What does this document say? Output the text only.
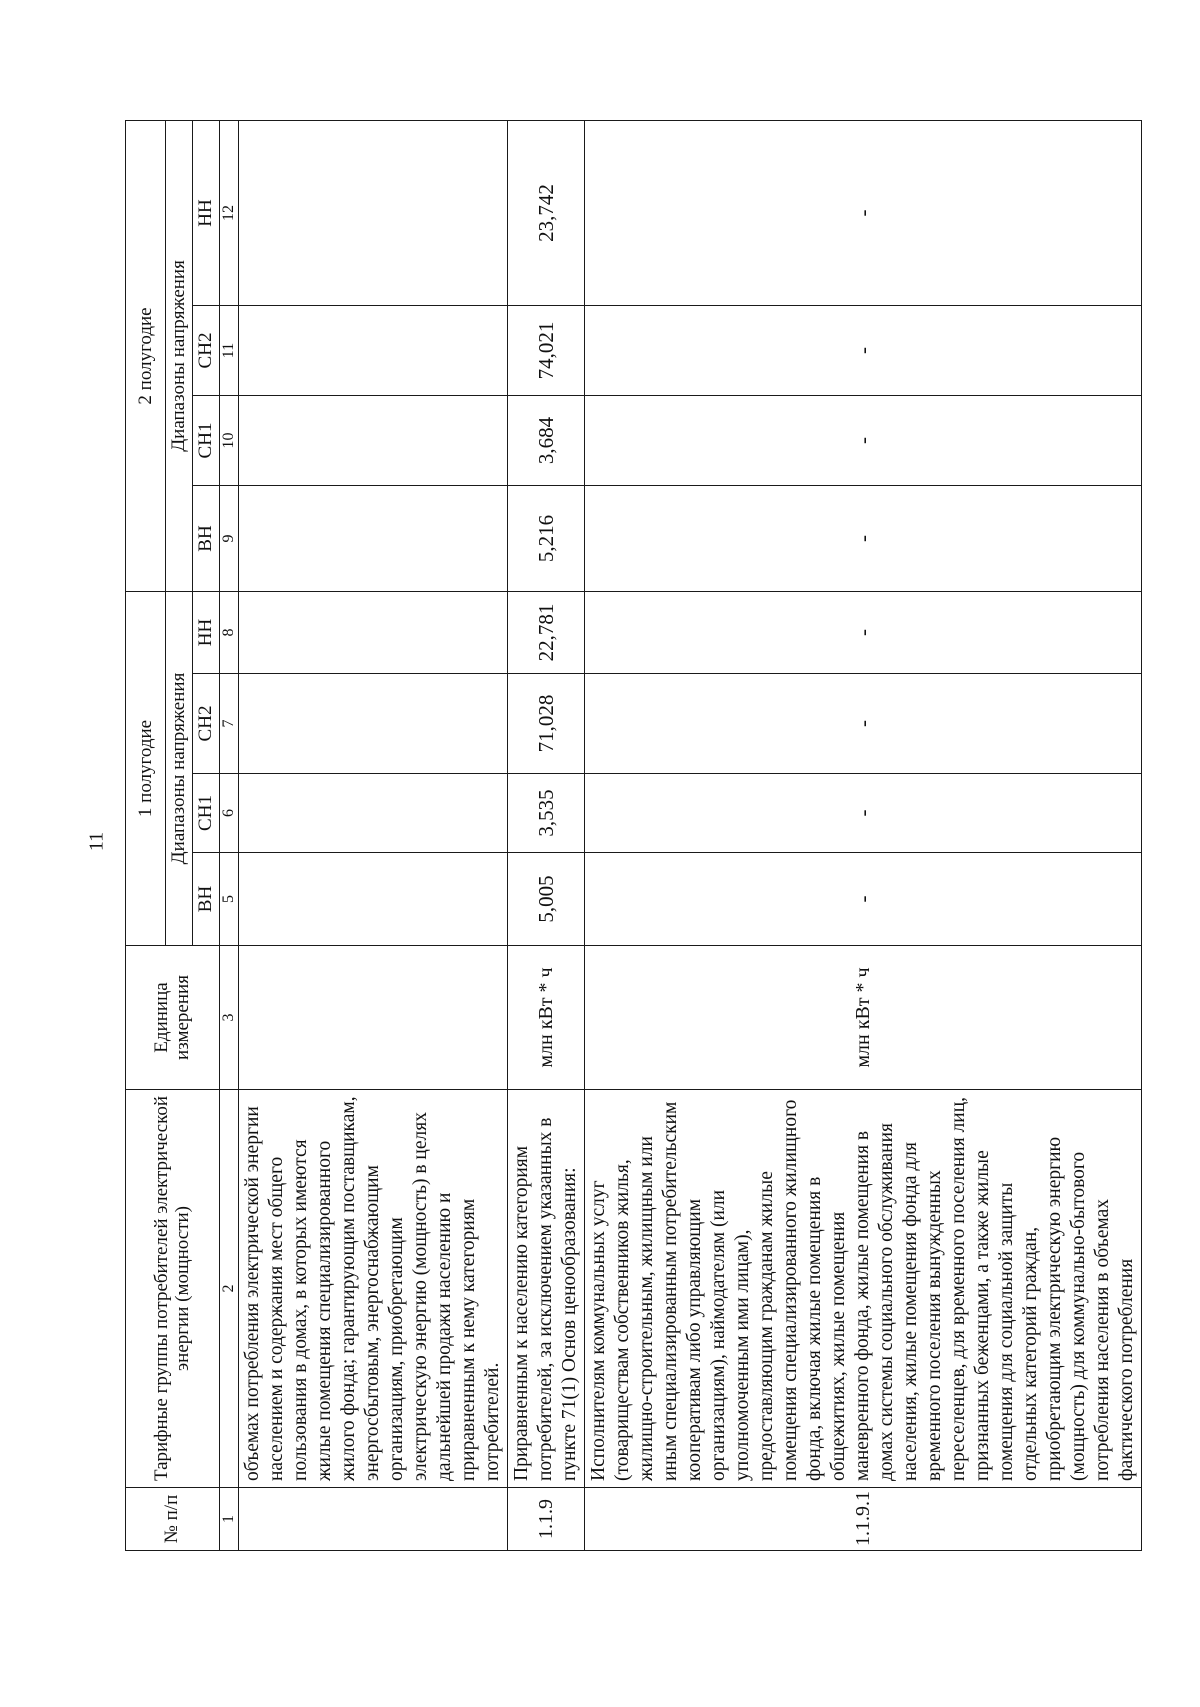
11
№ п/п	Тарифные группы потребителей электрической энергии (мощности)	Единица измерения	1 полугодие				2 полугодие			
			Диапазоны напряжения				Диапазоны напряжения			
			ВН	СН1	СН2	НН	ВН	СН1	СН2	НН
1	2	3	5	6	7	8	9	10	11	12
	объемах потребления электрической энергии населением и содержания мест общего пользования в домах, в которых имеются жилые помещения специализированного жилого фонда; гарантирующим поставщикам, энергосбытовым, энергоснабжающим организациям, приобретающим электрическую энергию (мощность) в целях дальнейшей продажи населению и приравненным к нему категориям потребителей.									
1.1.9	Приравненным к населению категориям потребителей, за исключением указанных в пункте 71(1) Основ ценообразования:	млн кВт * ч	5,005	3,535	71,028	22,781	5,216	3,684	74,021	23,742
1.1.9.1	Исполнителям коммунальных услуг (товариществам собственников жилья, жилищно-строительным, жилищным или иным специализированным потребительским кооперативам либо управляющим организациям), наймодателям (или уполномоченным ими лицам), предоставляющим гражданам жилые помещения специализированного жилищного фонда, включая жилые помещения в общежитиях, жилые помещения маневренного фонда, жилые помещения в домах системы социального обслуживания населения, жилые помещения фонда для временного поселения вынужденных переселенцев, для временного поселения лиц, признанных беженцами, а также жилые помещения для социальной защиты отдельных категорий граждан, приобретающим электрическую энергию (мощность) для коммунально-бытового потребления населения в объемах фактического потребления	млн кВт * ч	-	-	-	-	-	-	-	-
